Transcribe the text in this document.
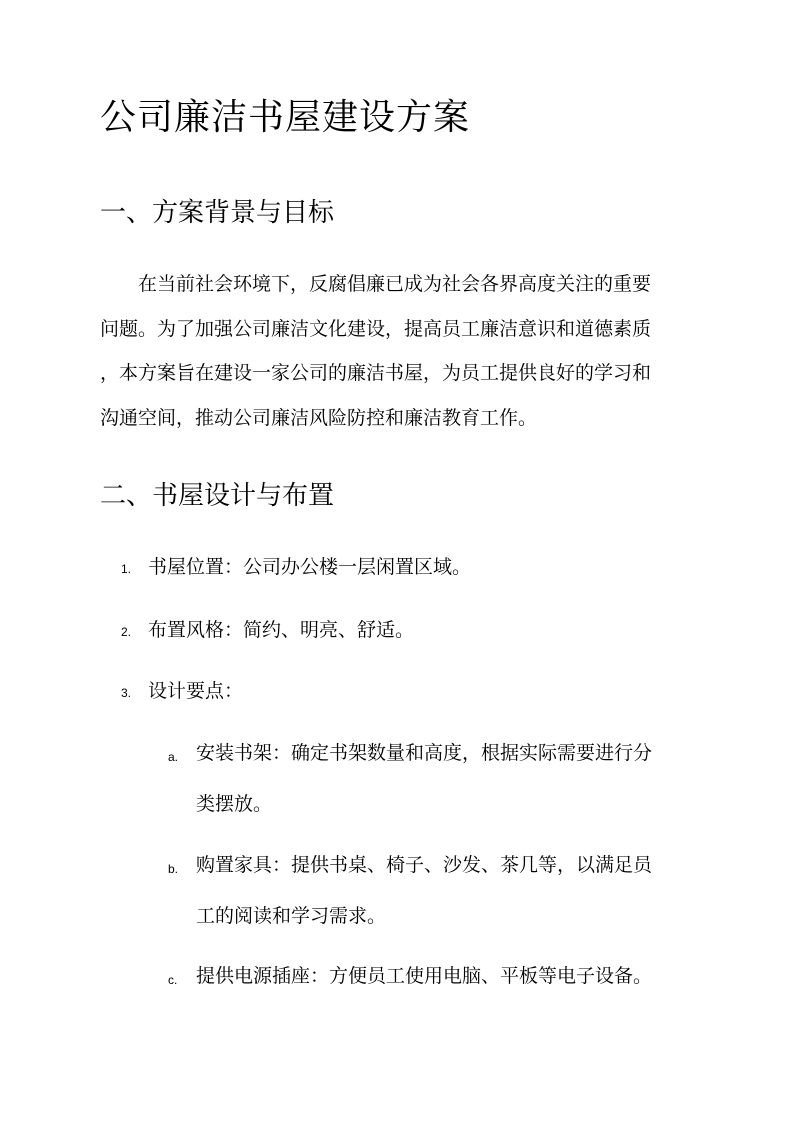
公司廉洁书屋建设方案
一、方案背景与目标

在当前社会环境下，反腐倡廉已成为社会各界高度关注的重要
问题。为了加强公司廉洁文化建设，提高员工廉洁意识和道德素质
，本方案旨在建设一家公司的廉洁书屋，为员工提供良好的学习和
沟通空间，推动公司廉洁风险防控和廉洁教育工作。

二、书屋设计与布置
1. 书屋位置：公司办公楼一层闲置区域。

2. 布置风格：简约、明亮、舒适。

3. 设计要点：

a. 安装书架：确定书架数量和高度，根据实际需要进行分
类摆放。

b. 购置家具：提供书桌、椅子、沙发、茶几等，以满足员
工的阅读和学习需求。

c. 提供电源插座：方便员工使用电脑、平板等电子设备。
